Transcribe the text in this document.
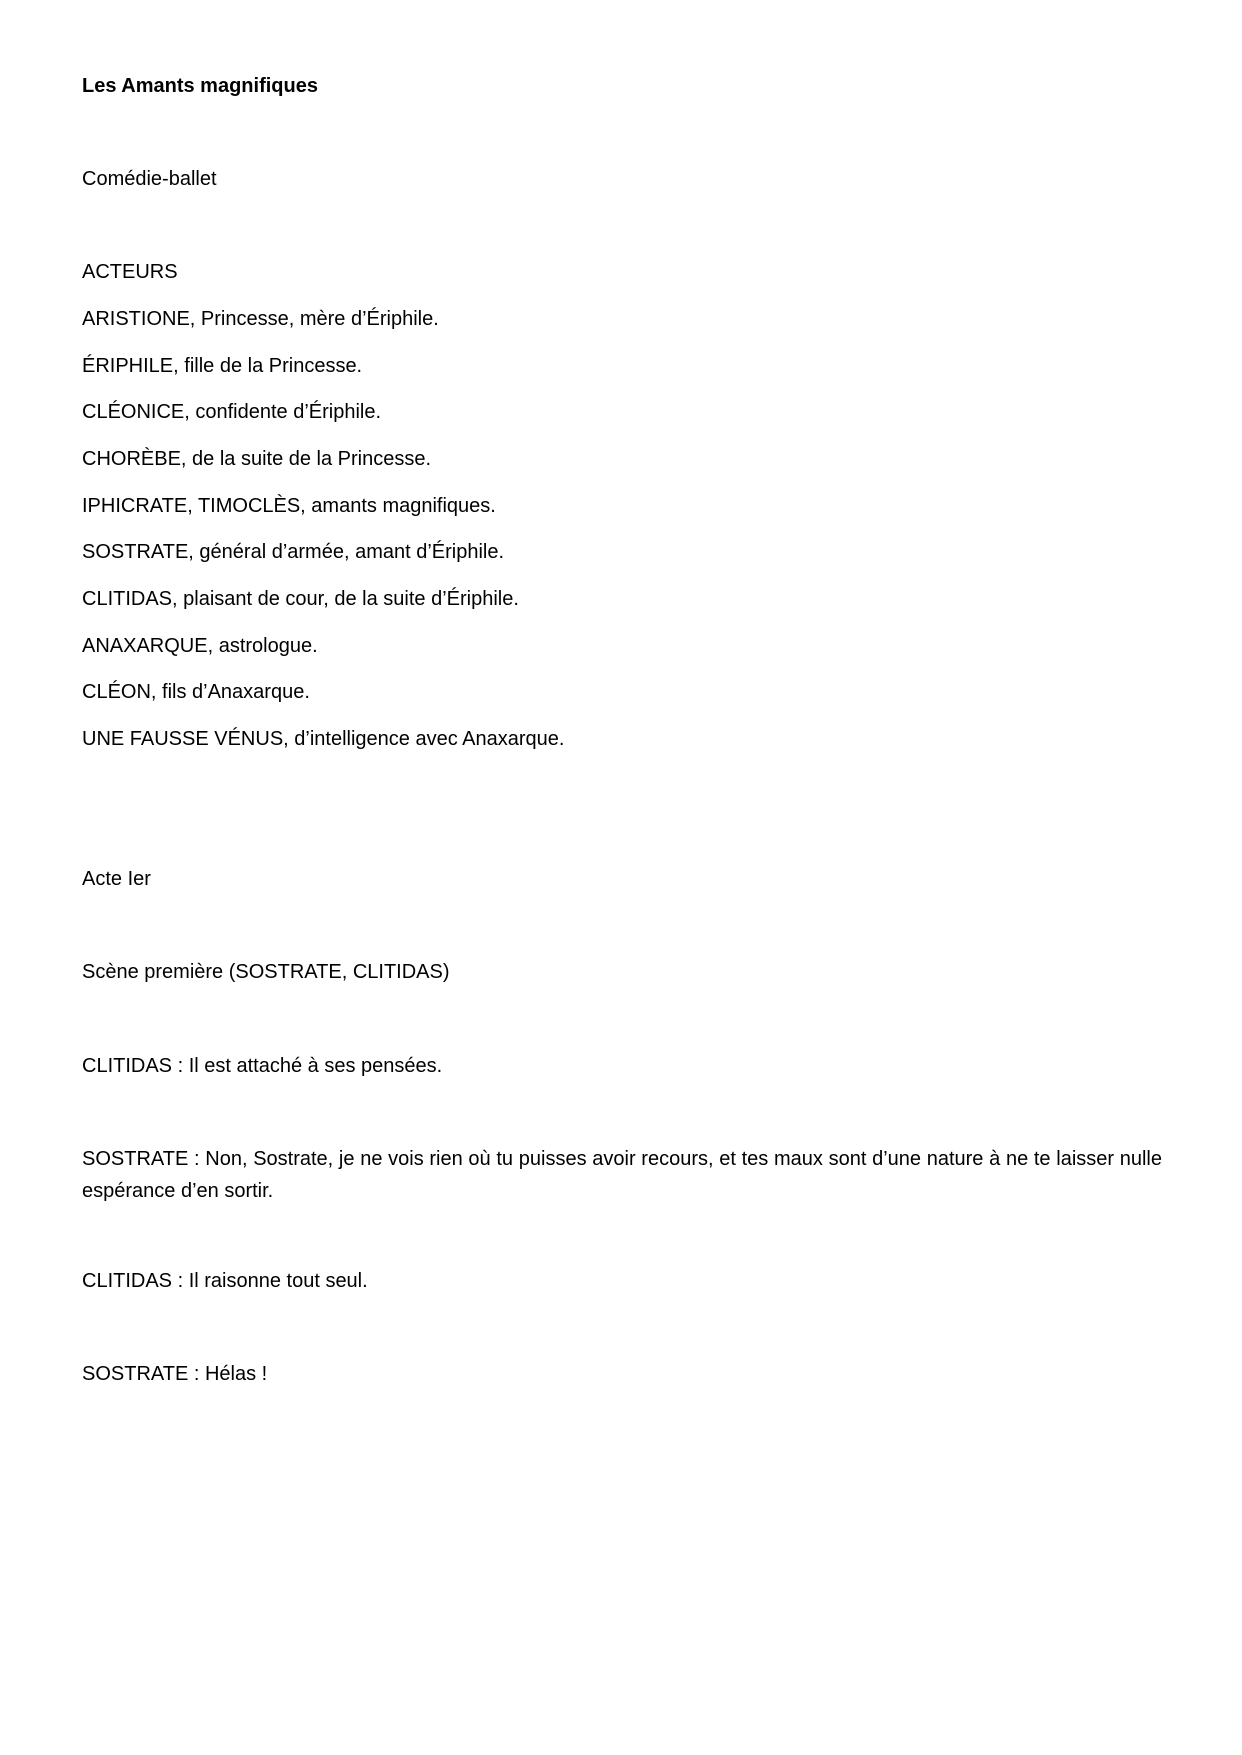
Les Amants magnifiques
Comédie-ballet
ACTEURS
ARISTIONE, Princesse, mère d’Ériphile.
ÉRIPHILE, fille de la Princesse.
CLÉONICE, confidente d’Ériphile.
CHORÈBE, de la suite de la Princesse.
IPHICRATE, TIMOCLÈS, amants magnifiques.
SOSTRATE, général d’armée, amant d’Ériphile.
CLITIDAS, plaisant de cour, de la suite d’Ériphile.
ANAXARQUE, astrologue.
CLÉON, fils d’Anaxarque.
UNE FAUSSE VÉNUS, d’intelligence avec Anaxarque.
Acte Ier
Scène première (SOSTRATE, CLITIDAS)
CLITIDAS : Il est attaché à ses pensées.
SOSTRATE : Non, Sostrate, je ne vois rien où tu puisses avoir recours, et tes maux sont d’une nature à ne te laisser nulle espérance d’en sortir.
CLITIDAS : Il raisonne tout seul.
SOSTRATE : Hélas !
